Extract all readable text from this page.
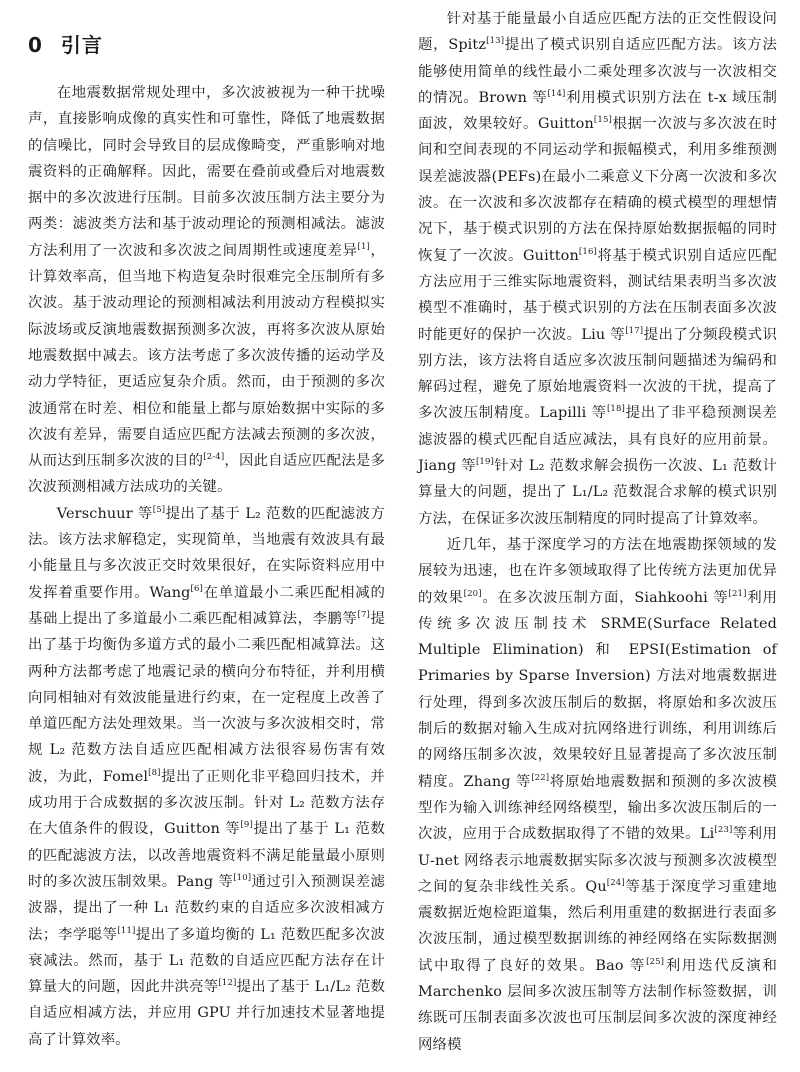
0 引言

在地震数据常规处理中，多次波被视为一种干扰噪声，直接影响成像的真实性和可靠性，降低了地震数据的信噪比，同时会导致目的层成像畸变，严重影响对地震资料的正确解释。因此，需要在叠前或叠后对地震数据中的多次波进行压制。目前多次波压制方法主要分为两类：滤波类方法和基于波动理论的预测相减法。滤波方法利用了一次波和多次波之间周期性或速度差异[1]，计算效率高，但当地下构造复杂时很难完全压制所有多次波。基于波动理论的预测相减法利用波动方程模拟实际波场或反演地震数据预测多次波，再将多次波从原始地震数据中减去。该方法考虑了多次波传播的运动学及动力学特征，更适应复杂介质。然而，由于预测的多次波通常在时差、相位和能量上都与原始数据中实际的多次波有差异，需要自适应匹配方法减去预测的多次波，从而达到压制多次波的目的[2-4]，因此自适应匹配法是多次波预测相减方法成功的关键。

Verschuur 等[5]提出了基于 L₂ 范数的匹配滤波方法。该方法求解稳定，实现简单，当地震有效波具有最小能量且与多次波正交时效果很好，在实际资料应用中发挥着重要作用。Wang[6]在单道最小二乘匹配相减的基础上提出了多道最小二乘匹配相减算法，李鹏等[7]提出了基于均衡伪多道方式的最小二乘匹配相减算法。这两种方法都考虑了地震记录的横向分布特征，并利用横向同相轴对有效波能量进行约束，在一定程度上改善了单道匹配方法处理效果。当一次波与多次波相交时，常规 L₂ 范数方法自适应匹配相减方法很容易伤害有效波，为此，Fomel[8]提出了正则化非平稳回归技术，并成功用于合成数据的多次波压制。针对 L₂ 范数方法存在大值条件的假设，Guitton 等[9]提出了基于 L₁ 范数的匹配滤波方法，以改善地震资料不满足能量最小原则时的多次波压制效果。Pang 等[10]通过引入预测误差滤波器，提出了一种 L₁ 范数约束的自适应多次波相减方法；李学聪等[11]提出了多道均衡的 L₁ 范数匹配多次波衰减法。然而，基于 L₁ 范数的自适应匹配方法存在计算量大的问题，因此井洪亮等[12]提出了基于 L₁/L₂ 范数自适应相减方法，并应用 GPU 并行加速技术显著地提高了计算效率。

针对基于能量最小自适应匹配方法的正交性假设问题，Spitz[13]提出了模式识别自适应匹配方法。该方法能够使用简单的线性最小二乘处理多次波与一次波相交的情况。Brown 等[14]利用模式识别方法在 t-x 域压制面波，效果较好。Guitton[15]根据一次波与多次波在时间和空间表现的不同运动学和振幅模式，利用多维预测误差滤波器(PEFs)在最小二乘意义下分离一次波和多次波。在一次波和多次波都存在精确的模式模型的理想情况下，基于模式识别的方法在保持原始数据振幅的同时恢复了一次波。Guitton[16]将基于模式识别自适应匹配方法应用于三维实际地震资料，测试结果表明当多次波模型不准确时，基于模式识别的方法在压制表面多次波时能更好的保护一次波。Liu 等[17]提出了分频段模式识别方法，该方法将自适应多次波压制问题描述为编码和解码过程，避免了原始地震资料一次波的干扰，提高了多次波压制精度。Lapilli 等[18]提出了非平稳预测误差滤波器的模式匹配自适应减法，具有良好的应用前景。Jiang 等[19]针对 L₂ 范数求解会损伤一次波、L₁ 范数计算量大的问题，提出了 L₁/L₂ 范数混合求解的模式识别方法，在保证多次波压制精度的同时提高了计算效率。

近几年，基于深度学习的方法在地震勘探领域的发展较为迅速，也在许多领域取得了比传统方法更加优异的效果[20]。在多次波压制方面，Siahkoohi 等[21]利用传统多次波压制技术 SRME(Surface Related Multiple Elimination) 和 EPSI(Estimation of Primaries by Sparse Inversion) 方法对地震数据进行处理，得到多次波压制后的数据，将原始和多次波压制后的数据对输入生成对抗网络进行训练，利用训练后的网络压制多次波，效果较好且显著提高了多次波压制精度。Zhang 等[22]将原始地震数据和预测的多次波模型作为输入训练神经网络模型，输出多次波压制后的一次波，应用于合成数据取得了不错的效果。Li[23]等利用 U-net 网络表示地震数据实际多次波与预测多次波模型之间的复杂非线性关系。Qu[24]等基于深度学习重建地震数据近炮检距道集，然后利用重建的数据进行表面多次波压制，通过模型数据训练的神经网络在实际数据测试中取得了良好的效果。Bao 等[25]利用迭代反演和 Marchenko 层间多次波压制等方法制作标签数据，训练既可压制表面多次波也可压制层间多次波的深度神经网络模
